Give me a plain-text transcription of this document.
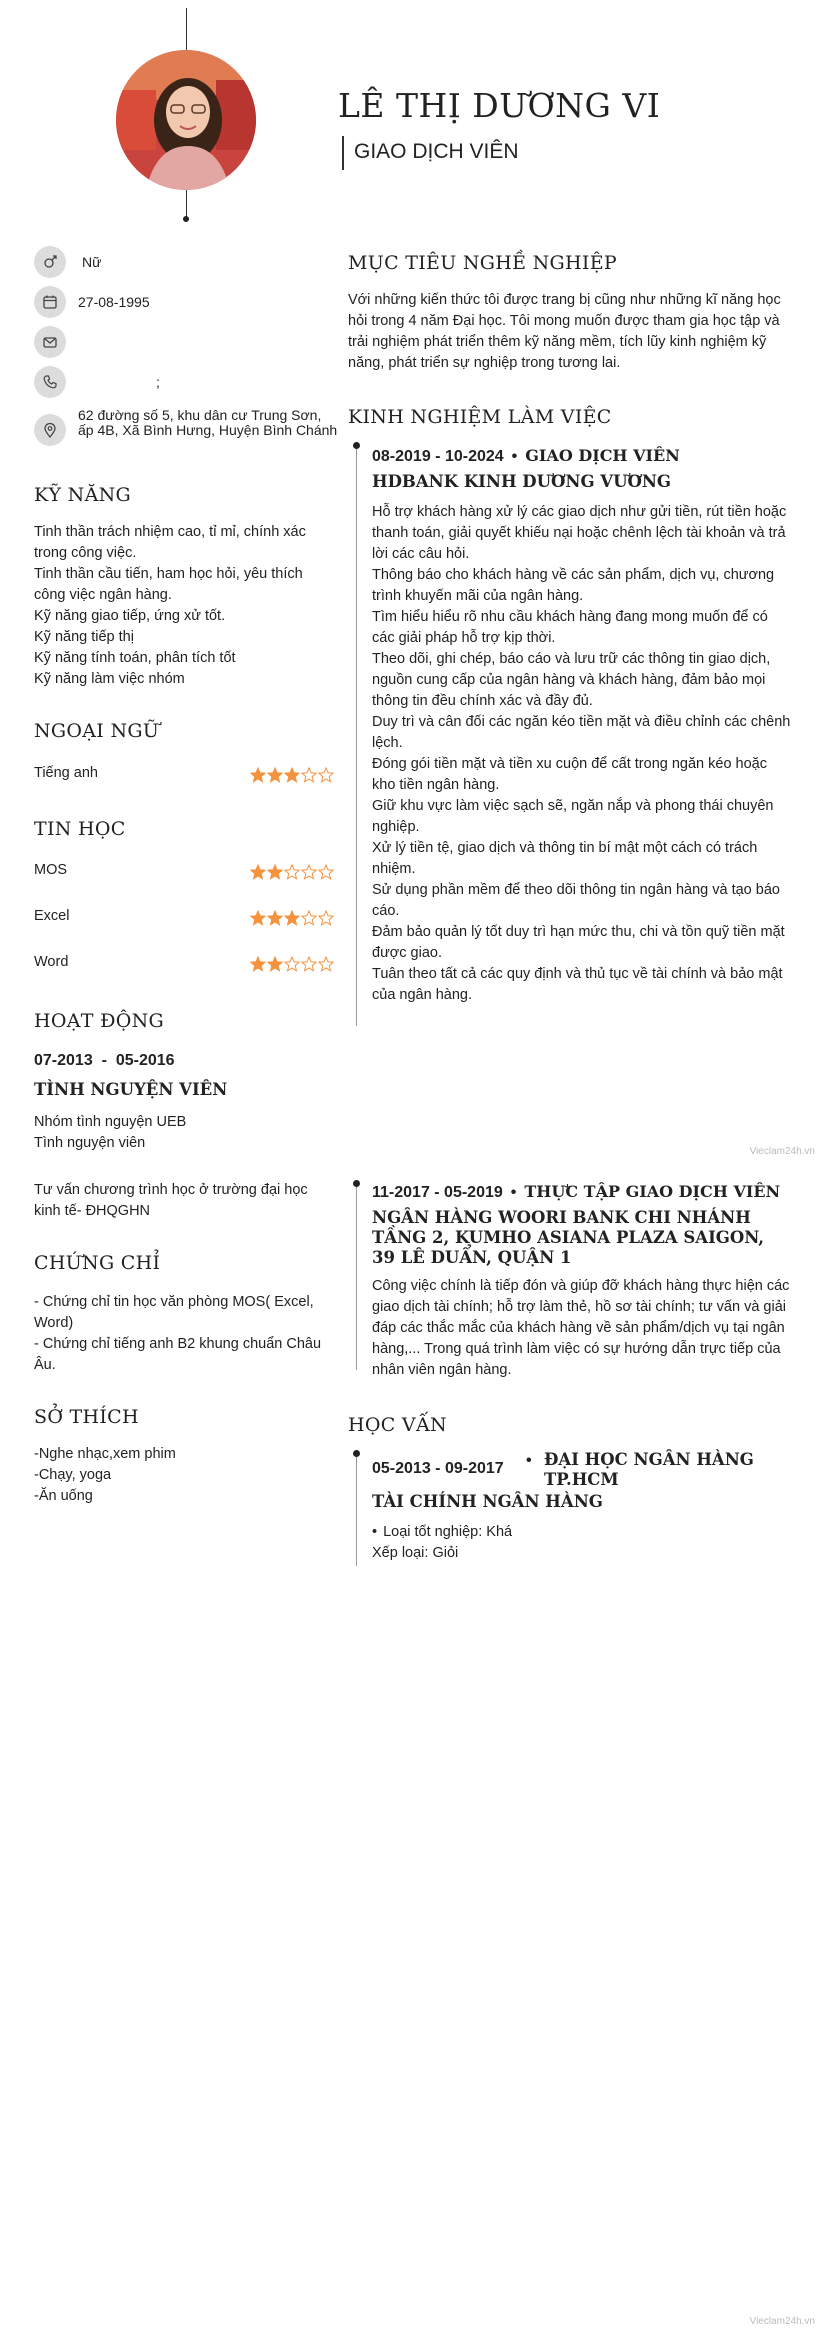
LÊ THỊ DƯƠNG VI
GIAO DỊCH VIÊN
Nữ
27-08-1995
;
62 đường số 5, khu dân cư Trung Sơn, ấp 4B, Xã Bình Hưng, Huyện Bình Chánh
KỸ NĂNG
Tinh thần trách nhiệm cao, tỉ mỉ, chính xác trong công việc.
Tinh thần cầu tiến, ham học hỏi, yêu thích công việc ngân hàng.
Kỹ năng giao tiếp, ứng xử tốt.
Kỹ năng tiếp thị
Kỹ năng tính toán, phân tích tốt
Kỹ năng làm việc nhóm
NGOẠI NGỮ
Tiếng anh
TIN HỌC
MOS
Excel
Word
HOẠT ĐỘNG
07-2013  -  05-2016
TÌNH NGUYỆN VIÊN
Nhóm tình nguyện UEB
Tình nguyện viên
Tư vấn chương trình học ở trường đại học kinh tế- ĐHQGHN
CHỨNG CHỈ
- Chứng chỉ tin học văn phòng MOS( Excel, Word)
- Chứng chỉ tiếng anh B2 khung chuẩn Châu Âu.
SỞ THÍCH
-Nghe nhạc,xem phim
-Chạy, yoga
-Ăn uống
MỤC TIÊU NGHỀ NGHIỆP
Với những kiến thức tôi được trang bị cũng như những kĩ năng học hỏi trong 4 năm Đại học. Tôi mong muốn được tham gia học tập và trải nghiệm phát triển thêm kỹ năng mềm, tích lũy kinh nghiệm kỹ năng, phát triển sự nghiệp trong tương lai.
KINH NGHIỆM LÀM VIỆC
08-2019 - 10-2024 • GIAO DỊCH VIÊN
HDBANK KINH DƯƠNG VƯƠNG
Hỗ trợ khách hàng xử lý các giao dịch như gửi tiền, rút tiền hoặc thanh toán, giải quyết khiếu nại hoặc chênh lệch tài khoản và trả lời các câu hỏi.
Thông báo cho khách hàng về các sản phẩm, dịch vụ, chương trình khuyến mãi của ngân hàng.
Tìm hiểu hiểu rõ nhu cầu khách hàng đang mong muốn để có các giải pháp hỗ trợ kịp thời.
Theo dõi, ghi chép, báo cáo và lưu trữ các thông tin giao dịch, nguồn cung cấp của ngân hàng và khách hàng, đảm bảo mọi thông tin đều chính xác và đầy đủ.
Duy trì và cân đối các ngăn kéo tiền mặt và điều chỉnh các chênh lệch.
Đóng gói tiền mặt và tiền xu cuộn để cất trong ngăn kéo hoặc kho tiền ngân hàng.
Giữ khu vực làm việc sạch sẽ, ngăn nắp và phong thái chuyên nghiệp.
Xử lý tiền tệ, giao dịch và thông tin bí mật một cách có trách nhiệm.
Sử dụng phần mềm để theo dõi thông tin ngân hàng và tạo báo cáo.
Đảm bảo quản lý tốt duy trì hạn mức thu, chi và tồn quỹ tiền mặt được giao.
Tuân theo tất cả các quy định và thủ tục về tài chính và bảo mật của ngân hàng.
Vieclam24h.vn
11-2017 - 05-2019 • THỰC TẬP GIAO DỊCH VIÊN
NGÂN HÀNG WOORI BANK CHI NHÁNH TẦNG 2, KUMHO ASIANA PLAZA SAIGON, 39 LÊ DUẨN, QUẬN 1
Công việc chính là tiếp đón và giúp đỡ khách hàng thực hiện các giao dịch tài chính; hỗ trợ làm thẻ, hồ sơ tài chính; tư vấn và giải đáp các thắc mắc của khách hàng về sản phẩm/dịch vụ tại ngân hàng,... Trong quá trình làm việc có sự hướng dẫn trực tiếp của nhân viên ngân hàng.
HỌC VẤN
05-2013 - 09-2017 • ĐẠI HỌC NGÂN HÀNG TP.HCM
TÀI CHÍNH NGÂN HÀNG
• Loại tốt nghiệp: Khá
Xếp loại: Giỏi
Vieclam24h.vn
